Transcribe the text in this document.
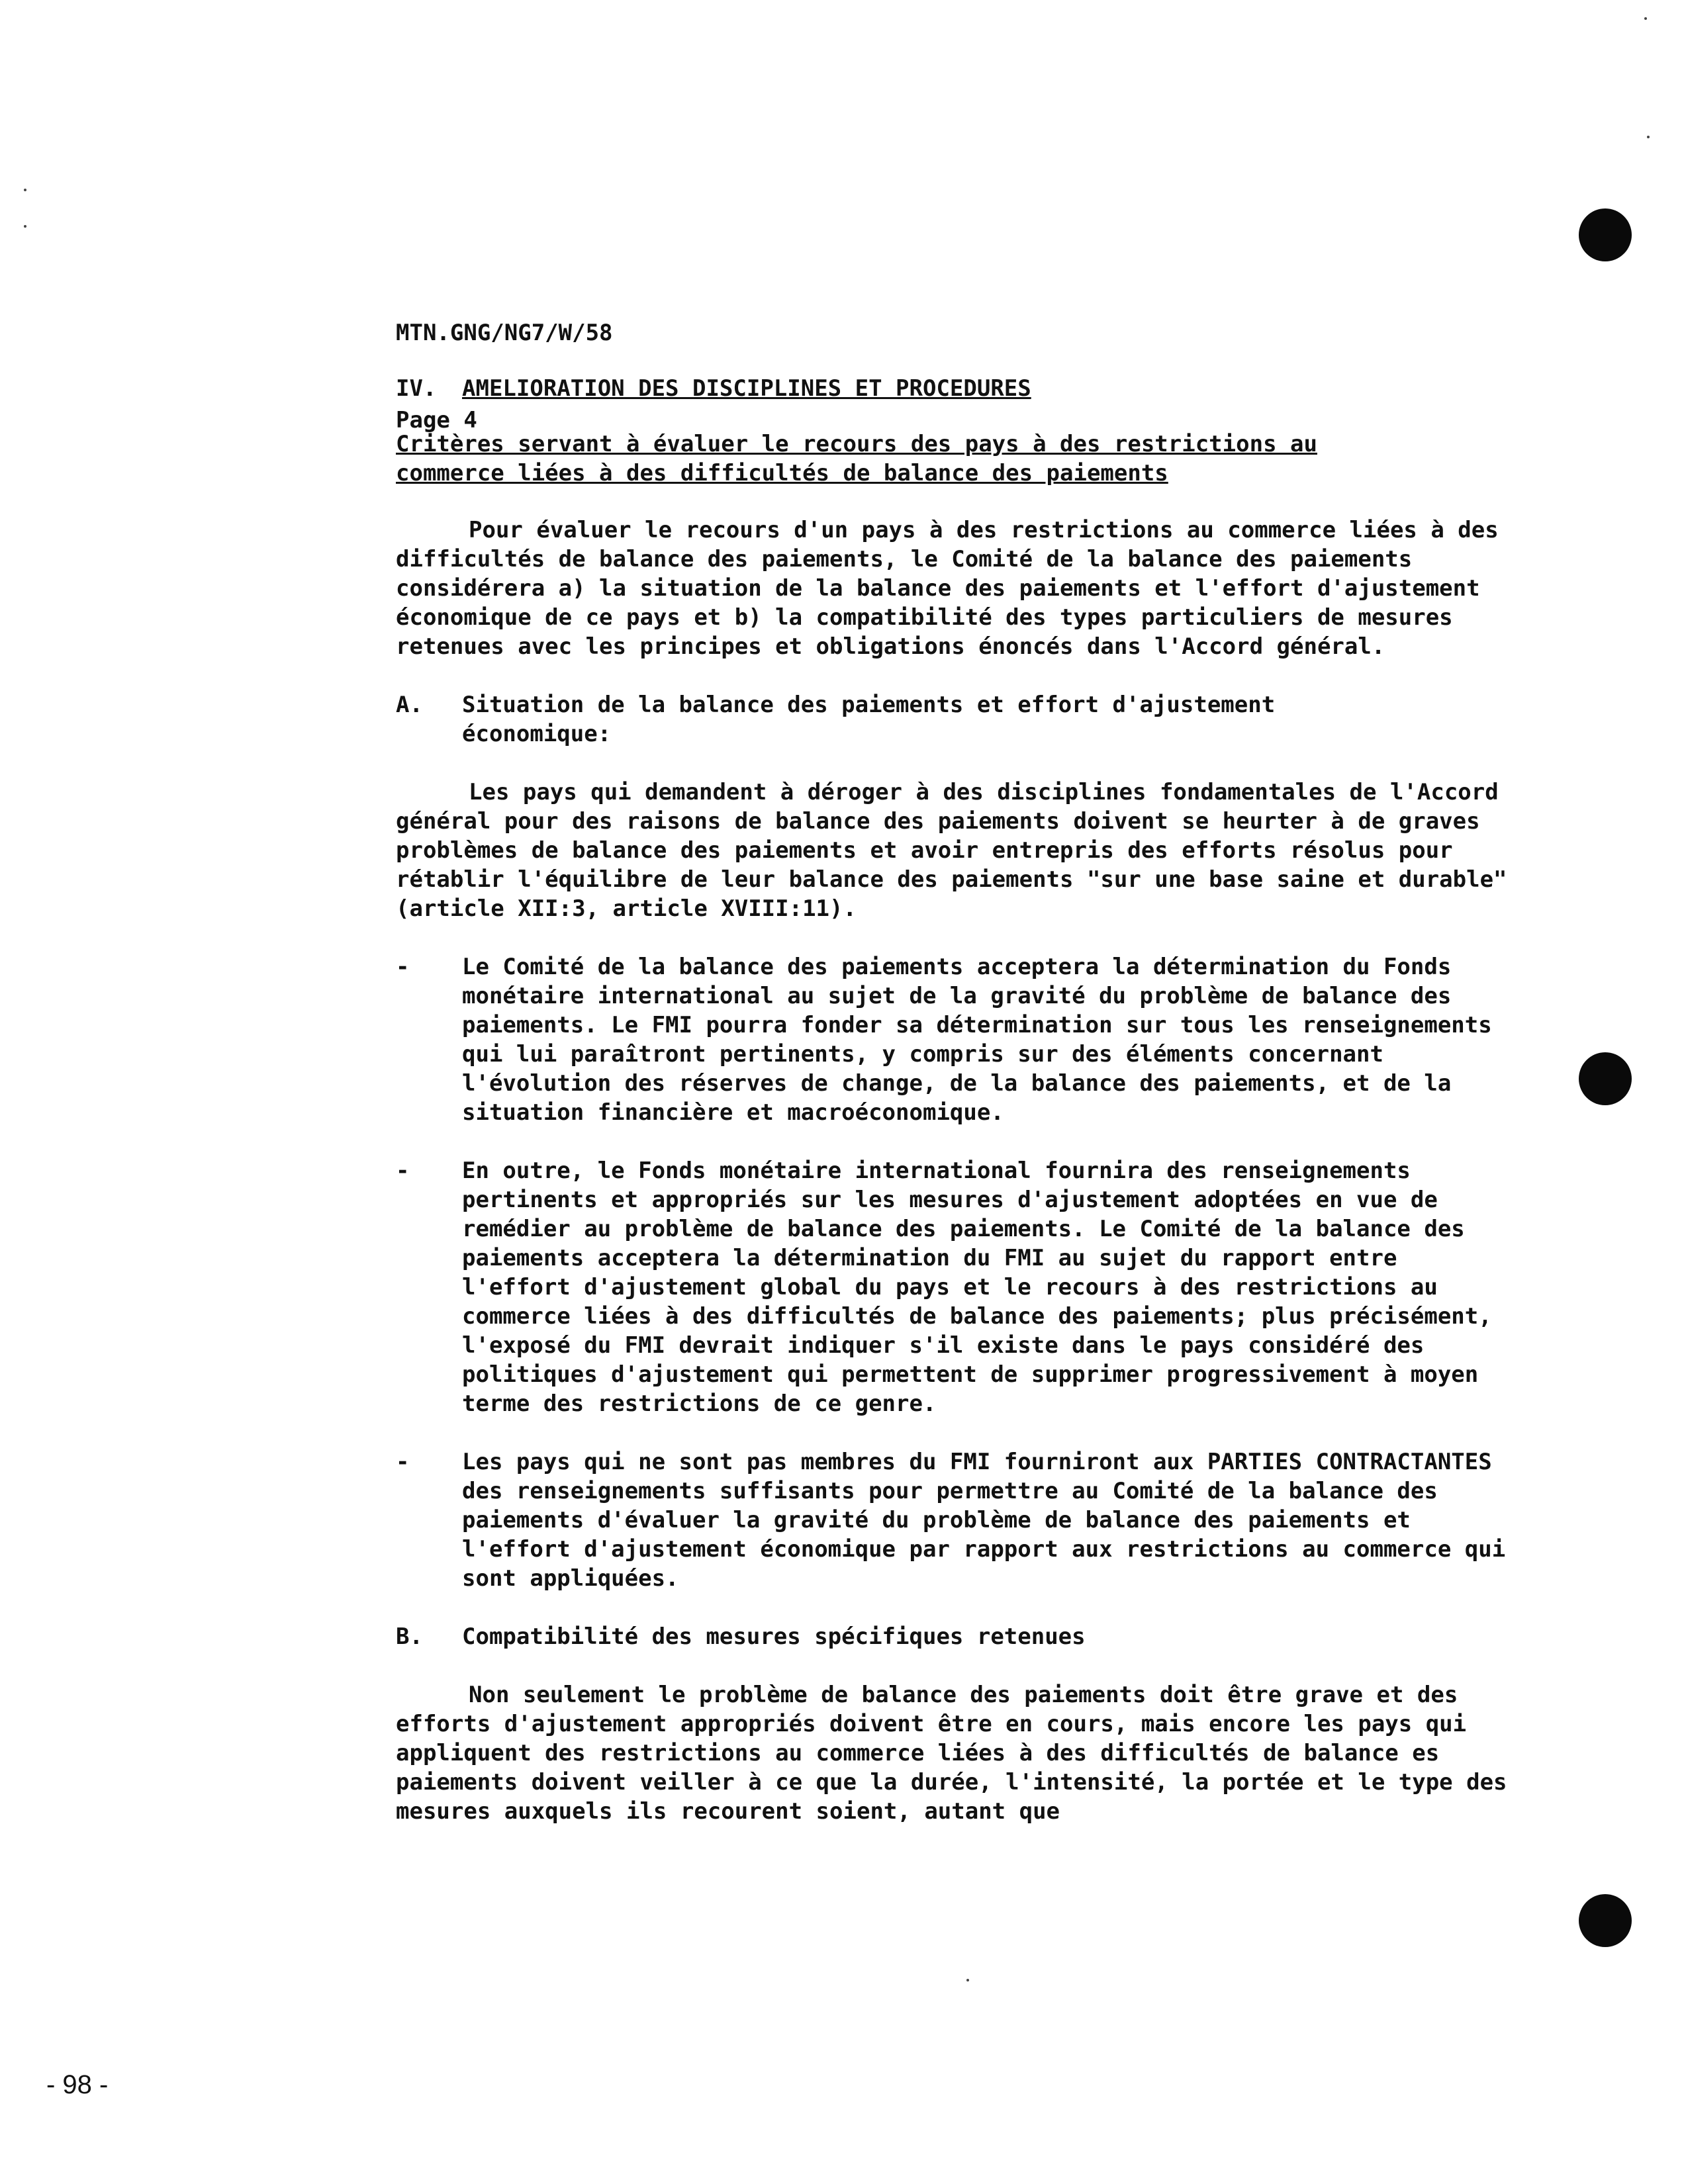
MTN.GNG/NG7/W/58

Page 4

IV. AMELIORATION DES DISCIPLINES ET PROCEDURES
Critères servant à évaluer le recours des pays à des restrictions au commerce liées à des difficultés de balance des paiements

Pour évaluer le recours d'un pays à des restrictions au commerce liées à des difficultés de balance des paiements, le Comité de la balance des paiements considérera a) la situation de la balance des paiements et l'effort d'ajustement économique de ce pays et b) la compatibilité des types particuliers de mesures retenues avec les principes et obligations énoncés dans l'Accord général.

A.	Situation de la balance des paiements et effort d'ajustement économique:

Les pays qui demandent à déroger à des disciplines fondamentales de l'Accord général pour des raisons de balance des paiements doivent se heurter à de graves problèmes de balance des paiements et avoir entrepris des efforts résolus pour rétablir l'équilibre de leur balance des paiements "sur une base saine et durable" (article XII:3, article XVIII:11).

-	Le Comité de la balance des paiements acceptera la détermination du Fonds monétaire international au sujet de la gravité du problème de balance des paiements. Le FMI pourra fonder sa détermination sur tous les renseignements qui lui paraîtront pertinents, y compris sur des éléments concernant l'évolution des réserves de change, de la balance des paiements, et de la situation financière et macroéconomique.
-	En outre, le Fonds monétaire international fournira des renseignements pertinents et appropriés sur les mesures d'ajustement adoptées en vue de remédier au problème de balance des paiements. Le Comité de la balance des paiements acceptera la détermination du FMI au sujet du rapport entre l'effort d'ajustement global du pays et le recours à des restrictions au commerce liées à des difficultés de balance des paiements; plus précisément, l'exposé du FMI devrait indiquer s'il existe dans le pays considéré des politiques d'ajustement qui permettent de supprimer progressivement à moyen terme des restrictions de ce genre.
-	Les pays qui ne sont pas membres du FMI fourniront aux PARTIES CONTRACTANTES des renseignements suffisants pour permettre au Comité de la balance des paiements d'évaluer la gravité du problème de balance des paiements et l'effort d'ajustement économique par rapport aux restrictions au commerce qui sont appliquées.
B.	Compatibilité des mesures spécifiques retenues

Non seulement le problème de balance des paiements doit être grave et des efforts d'ajustement appropriés doivent être en cours, mais encore les pays qui appliquent des restrictions au commerce liées à des difficultés de balance es paiements doivent veiller à ce que la durée, l'intensité, la portée et le type des mesures auxquels ils recourent soient, autant que

- 98 -
